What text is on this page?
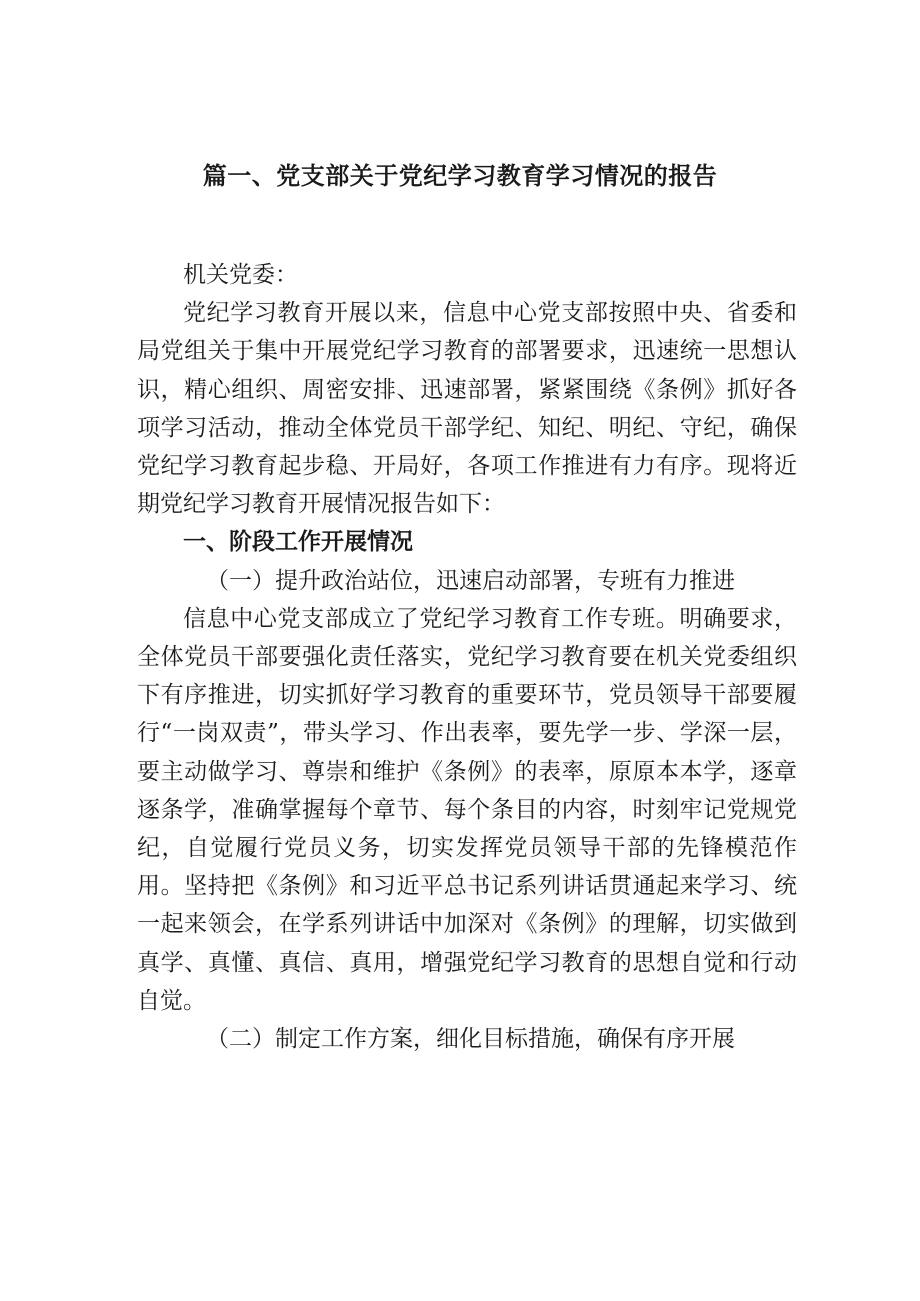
篇一、党支部关于党纪学习教育学习情况的报告

机关党委：

党纪学习教育开展以来，信息中心党支部按照中央、省委和局党组关于集中开展党纪学习教育的部署要求，迅速统一思想认识，精心组织、周密安排、迅速部署，紧紧围绕《条例》抓好各项学习活动，推动全体党员干部学纪、知纪、明纪、守纪，确保党纪学习教育起步稳、开局好，各项工作推进有力有序。现将近期党纪学习教育开展情况报告如下：

一、阶段工作开展情况

（一）提升政治站位，迅速启动部署，专班有力推进

信息中心党支部成立了党纪学习教育工作专班。明确要求，全体党员干部要强化责任落实，党纪学习教育要在机关党委组织下有序推进，切实抓好学习教育的重要环节，党员领导干部要履行“一岗双责”，带头学习、作出表率，要先学一步、学深一层，要主动做学习、尊崇和维护《条例》的表率，原原本本学，逐章逐条学，准确掌握每个章节、每个条目的内容，时刻牢记党规党纪，自觉履行党员义务，切实发挥党员领导干部的先锋模范作用。坚持把《条例》和习近平总书记系列讲话贯通起来学习、统一起来领会，在学系列讲话中加深对《条例》的理解，切实做到真学、真懂、真信、真用，增强党纪学习教育的思想自觉和行动自觉。

（二）制定工作方案，细化目标措施，确保有序开展
